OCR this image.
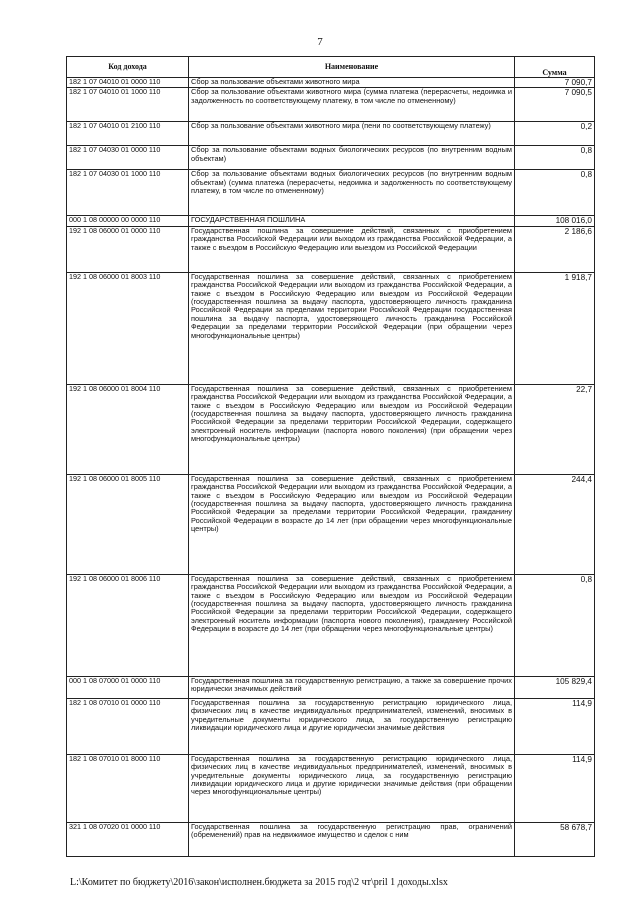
7
Код дохода	Наименование	Сумма
182 1 07 04010 01 0000 110	Сбор за пользование объектами животного мира	7 090,7
182 1 07 04010 01 1000 110	Сбор за пользование объектами животного мира (сумма платежа (перерасчеты, недоимка и задолженность по соответствующему платежу, в том числе по отмененному)	7 090,5
182 1 07 04010 01 2100 110	Сбор за пользование объектами животного мира (пени по соответствующему платежу)	0,2
182 1 07 04030 01 0000 110	Сбор за пользование объектами водных биологических ресурсов (по внутренним водным объектам)	0,8
182 1 07 04030 01 1000 110	Сбор за пользование объектами водных биологических ресурсов (по внутренним водным объектам) (сумма платежа (перерасчеты, недоимка и задолженность по соответствующему платежу, в том числе по отмененному)	0,8
000 1 08 00000 00 0000 110	ГОСУДАРСТВЕННАЯ ПОШЛИНА	108 016,0
192 1 08 06000 01 0000 110	Государственная пошлина за совершение действий, связанных с приобретением гражданства Российской Федерации или выходом из гражданства Российской Федерации, а также с въездом в Российскую Федерацию или выездом из Российской Федерации	2 186,6
192 1 08 06000 01 8003 110	Государственная пошлина за совершение действий, связанных с приобретением гражданства Российской Федерации или выходом из гражданства Российской Федерации, а также с въездом в Российскую Федерацию или выездом из Российской Федерации (государственная пошлина за выдачу паспорта, удостоверяющего личность гражданина Российской Федерации за пределами территории Российской Федерации государственная пошлина за выдачу паспорта, удостоверяющего личность гражданина Российской Федерации за пределами территории Российской Федерации (при обращении через многофункциональные центры)	1 918,7
192 1 08 06000 01 8004 110	Государственная пошлина за совершение действий, связанных с приобретением гражданства Российской Федерации или выходом из гражданства Российской Федерации, а также с въездом в Российскую Федерацию или выездом из Российской Федерации (государственная пошлина за выдачу паспорта, удостоверяющего личность гражданина Российской Федерации за пределами территории Российской Федерации, содержащего электронный носитель информации (паспорта нового поколения) (при обращении через многофункциональные центры)	22,7
192 1 08 06000 01 8005 110	Государственная пошлина за совершение действий, связанных с приобретением гражданства Российской Федерации или выходом из гражданства Российской Федерации, а также с въездом в Российскую Федерацию или выездом из Российской Федерации (государственная пошлина за выдачу паспорта, удостоверяющего личность гражданина Российской Федерации за пределами территории Российской Федерации, гражданину Российской Федерации в возрасте до 14 лет (при обращении через многофункциональные центры)	244,4
192 1 08 06000 01 8006 110	Государственная пошлина за совершение действий, связанных с приобретением гражданства Российской Федерации или выходом из гражданства Российской Федерации, а также с въездом в Российскую Федерацию или выездом из Российской Федерации (государственная пошлина за выдачу паспорта, удостоверяющего личность гражданина Российской Федерации за пределами территории Российской Федерации, содержащего электронный носитель информации (паспорта нового поколения), гражданину Российской Федерации в возрасте до 14 лет (при обращении через многофункциональные центры)	0,8
000 1 08 07000 01 0000 110	Государственная пошлина за государственную регистрацию, а также за совершение прочих юридически значимых действий	105 829,4
182 1 08 07010 01 0000 110	Государственная пошлина за государственную регистрацию юридического лица, физических лиц в качестве индивидуальных предпринимателей, изменений, вносимых в учредительные документы юридического лица, за государственную регистрацию ликвидации юридического лица и другие юридически значимые действия	114,9
182 1 08 07010 01 8000 110	Государственная пошлина за государственную регистрацию юридического лица, физических лиц в качестве индивидуальных предпринимателей, изменений, вносимых в учредительные документы юридического лица, за государственную регистрацию ликвидации юридического лица и другие юридически значимые действия (при обращении через многофункциональные центры)	114,9
321 1 08 07020 01 0000 110	Государственная пошлина за государственную регистрацию прав, ограничений (обременений) прав на недвижимое имущество и сделок с ним	58 678,7
L:\Комитет по бюджету\2016\закон\исполнен.бюджета за 2015 год\2 чт\pril 1 доходы.xlsx
